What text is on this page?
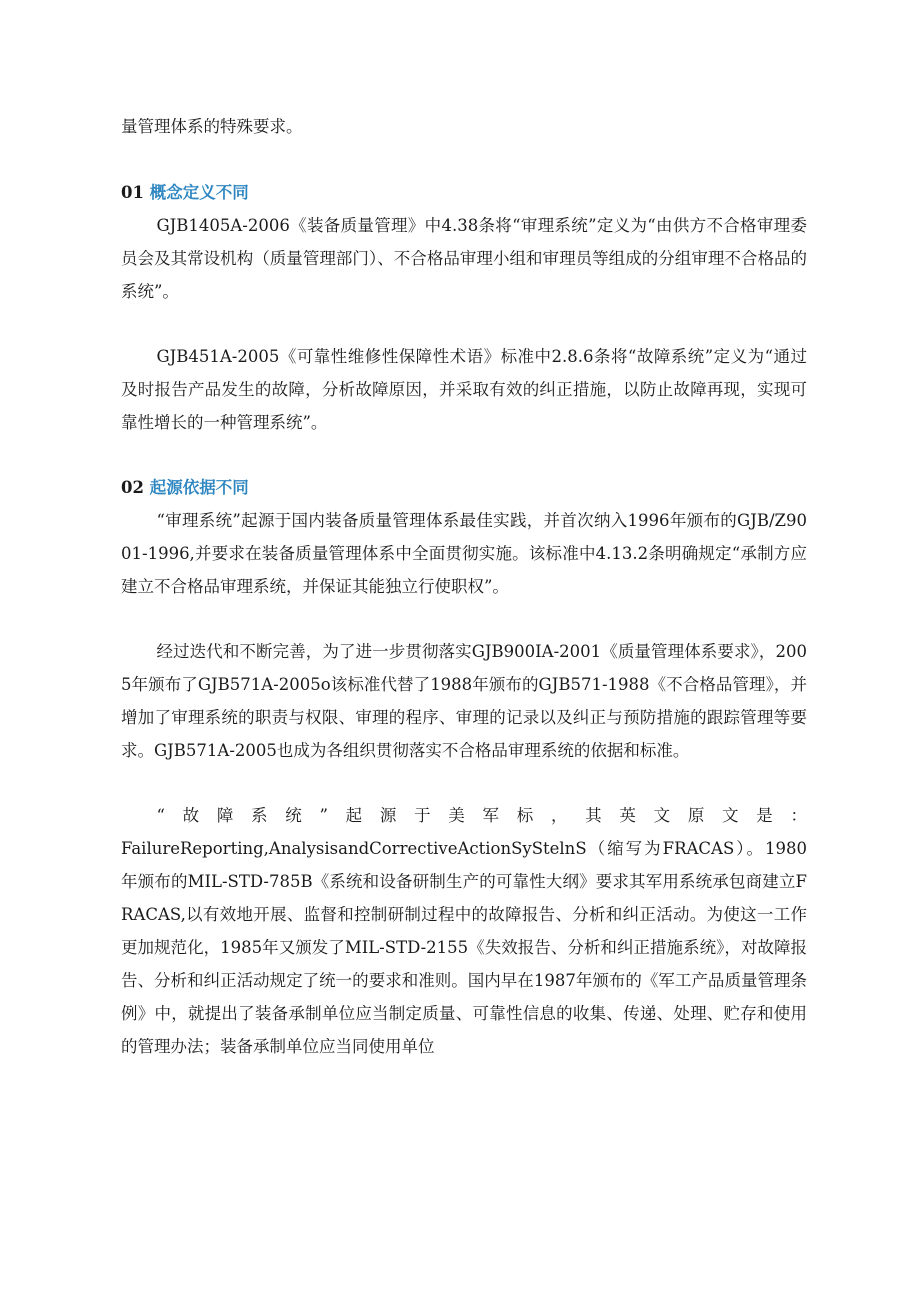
量管理体系的特殊要求。

01 概念定义不同

GJB1405A-2006《装备质量管理》中4.38条将“审理系统”定义为“由供方不合格审理委员会及其常设机构（质量管理部门）、不合格品审理小组和审理员等组成的分组审理不合格品的系统”。

GJB451A-2005《可靠性维修性保障性术语》标准中2.8.6条将“故障系统”定义为“通过及时报告产品发生的故障，分析故障原因，并采取有效的纠正措施，以防止故障再现，实现可靠性增长的一种管理系统”。

02 起源依据不同

“审理系统”起源于国内装备质量管理体系最佳实践，并首次纳入1996年颁布的GJB/Z9001-1996,并要求在装备质量管理体系中全面贯彻实施。该标准中4.13.2条明确规定“承制方应建立不合格品审理系统，并保证其能独立行使职权”。

经过迭代和不断完善，为了进一步贯彻落实GJB900IA-2001《质量管理体系要求》，2005年颁布了GJB571A-2005o该标准代替了1988年颁布的GJB571-1988《不合格品管理》，并增加了审理系统的职责与权限、审理的程序、审理的记录以及纠正与预防措施的跟踪管理等要求。GJB571A-2005也成为各组织贯彻落实不合格品审理系统的依据和标准。

“故障系统”起源于美军标，其英文原文是：

FailureReporting,AnalysisandCorrectiveActionSyStelnS（缩写为FRACAS）。1980年颁布的MIL-STD-785B《系统和设备研制生产的可靠性大纲》要求其军用系统承包商建立FRACAS,以有效地开展、监督和控制研制过程中的故障报告、分析和纠正活动。为使这一工作更加规范化，1985年又颁发了MIL-STD-2155《失效报告、分析和纠正措施系统》，对故障报告、分析和纠正活动规定了统一的要求和准则。国内早在1987年颁布的《军工产品质量管理条例》中，就提出了装备承制单位应当制定质量、可靠性信息的收集、传递、处理、贮存和使用的管理办法；装备承制单位应当同使用单位
